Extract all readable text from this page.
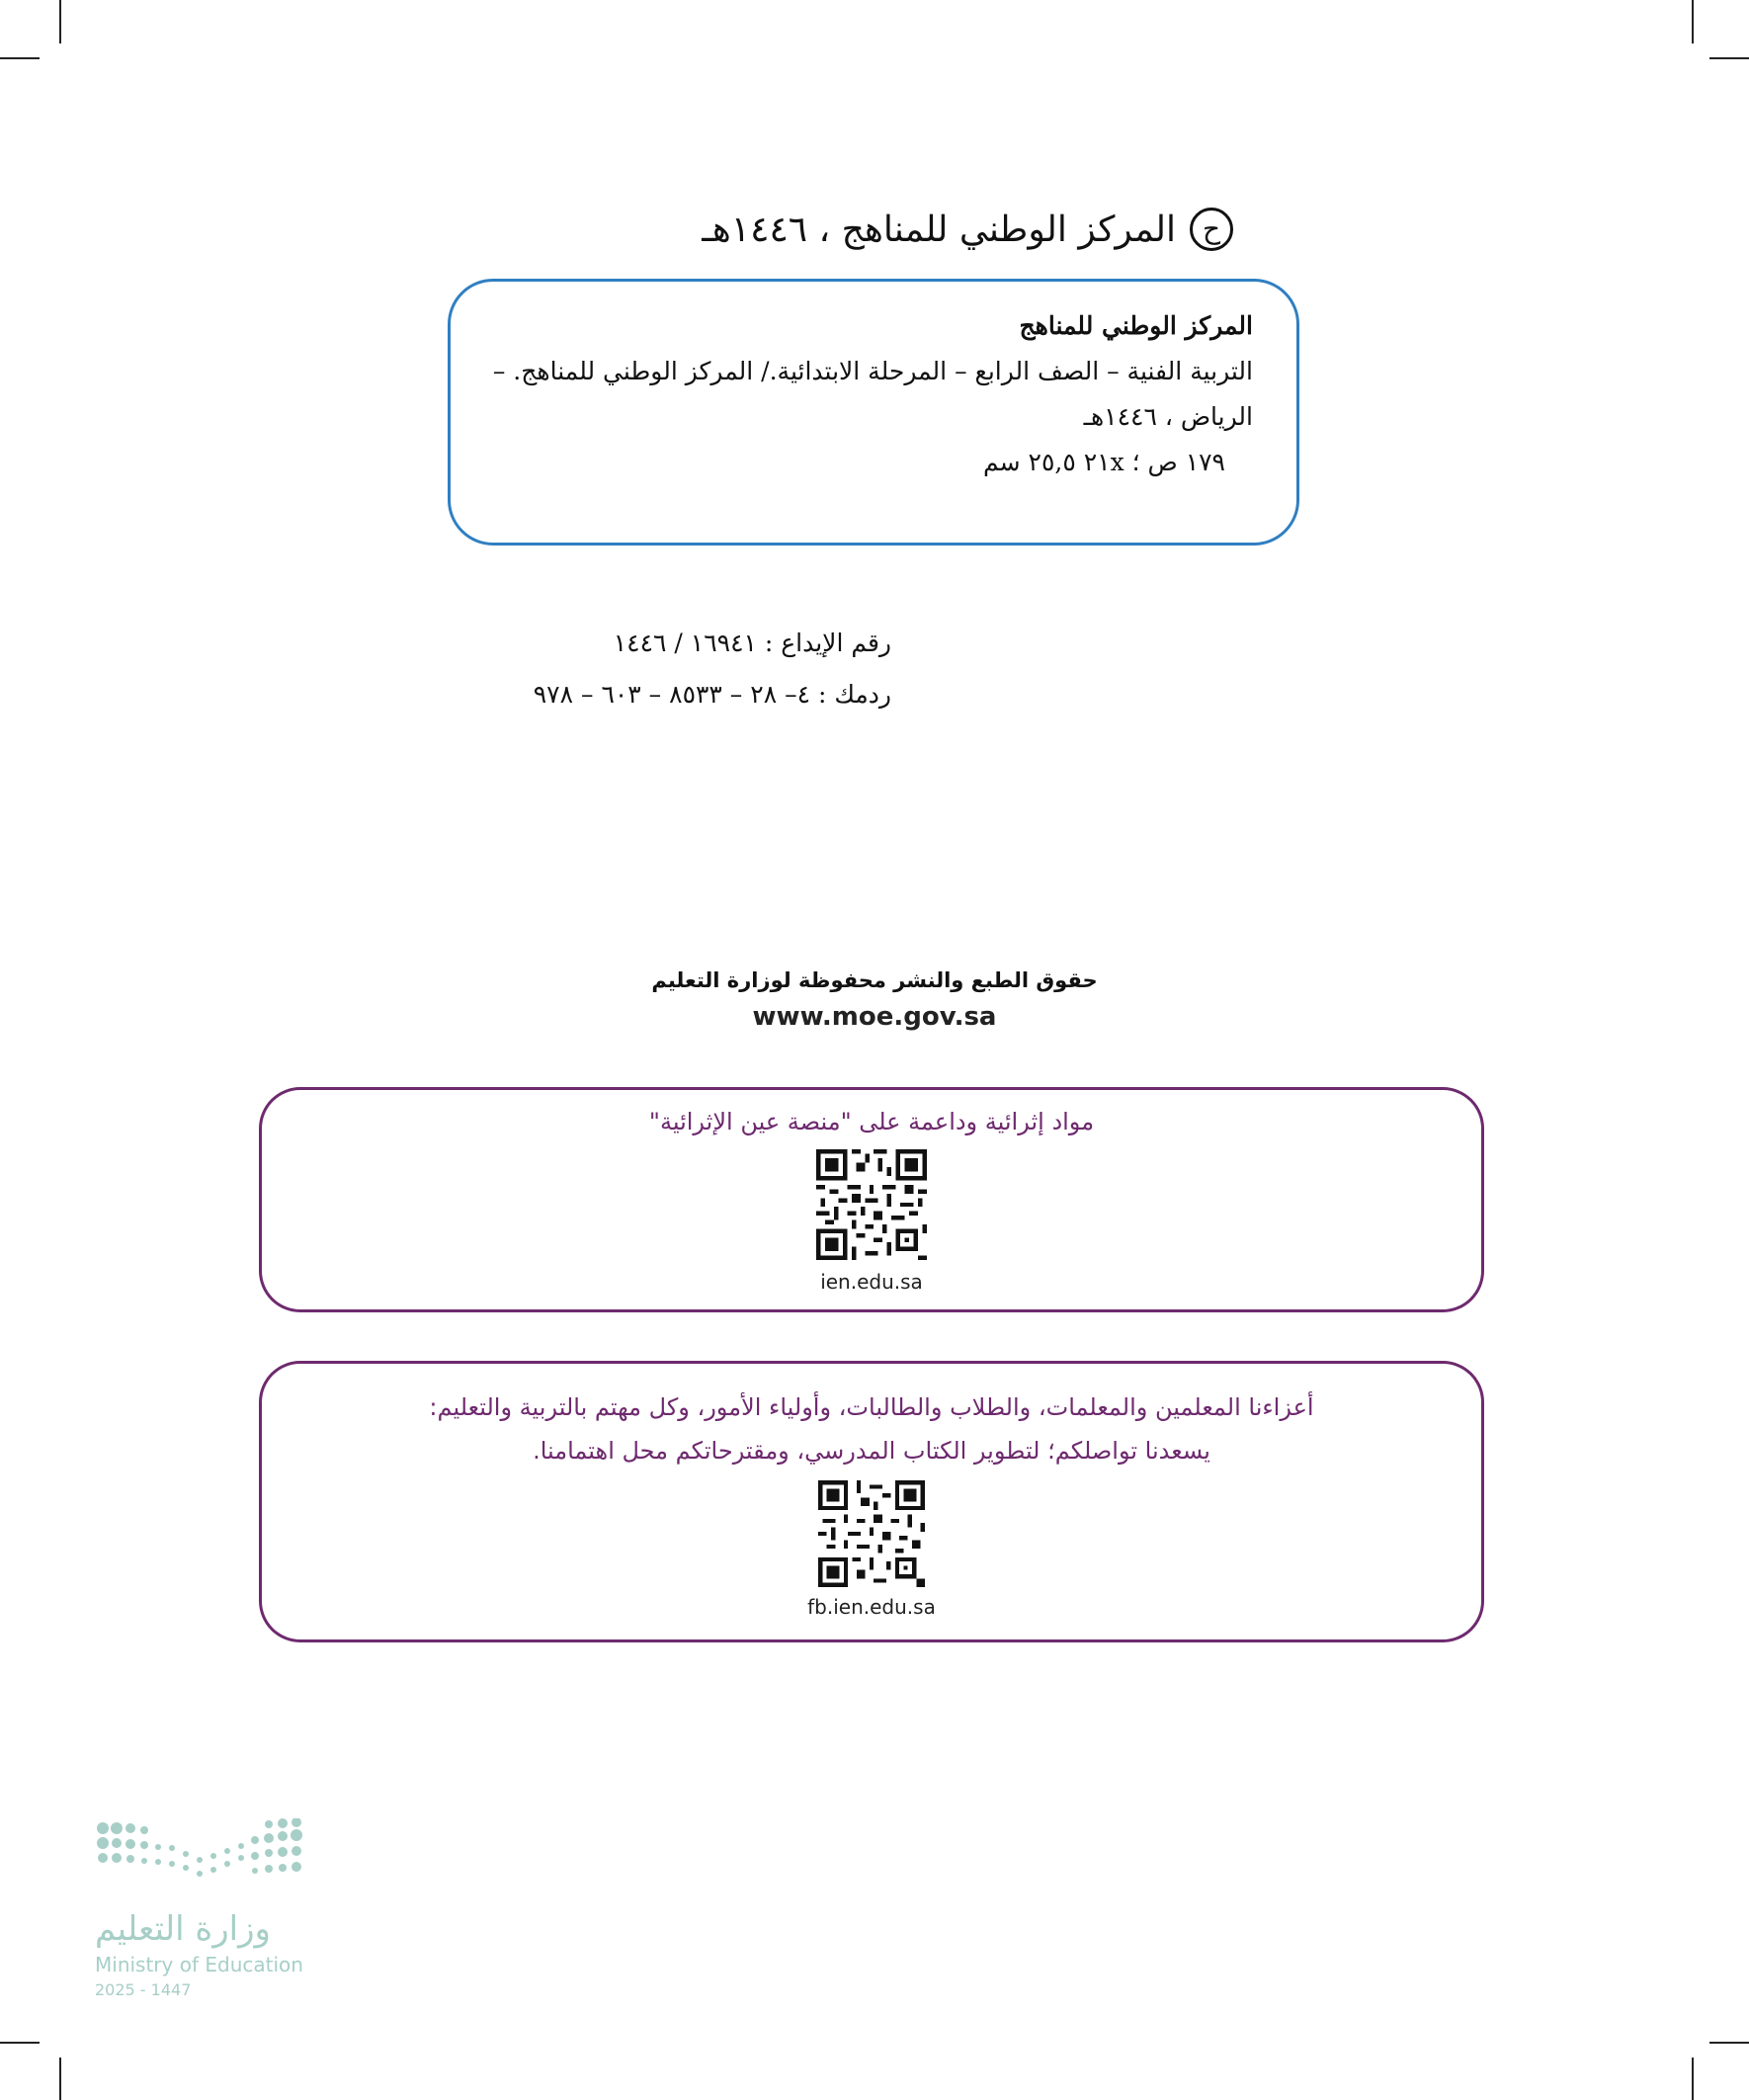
ح
المركز الوطني للمناهج ، ١٤٤٦هـ
المركز الوطني للمناهج
التربية الفنية – الصف الرابع – المرحلة الابتدائية./ المركز الوطني للمناهج. –
الرياض ، ١٤٤٦هـ
١٧٩ ص ؛ ٢١x ٢٥,٥ سم
رقم الإيداع : ١٦٩٤١ / ١٤٤٦
ردمك : ٤– ٢٨ – ٨٥٣٣ – ٦٠٣ – ٩٧٨
حقوق الطبع والنشر محفوظة لوزارة التعليم
www.moe.gov.sa
مواد إثرائية وداعمة على "منصة عين الإثرائية"
ien.edu.sa
أعزاءنا المعلمين والمعلمات، والطلاب والطالبات، وأولياء الأمور، وكل مهتم بالتربية والتعليم:
يسعدنا تواصلكم؛ لتطوير الكتاب المدرسي، ومقترحاتكم محل اهتمامنا.
fb.ien.edu.sa
وزارة التعليم
Ministry of Education
2025 - 1447
